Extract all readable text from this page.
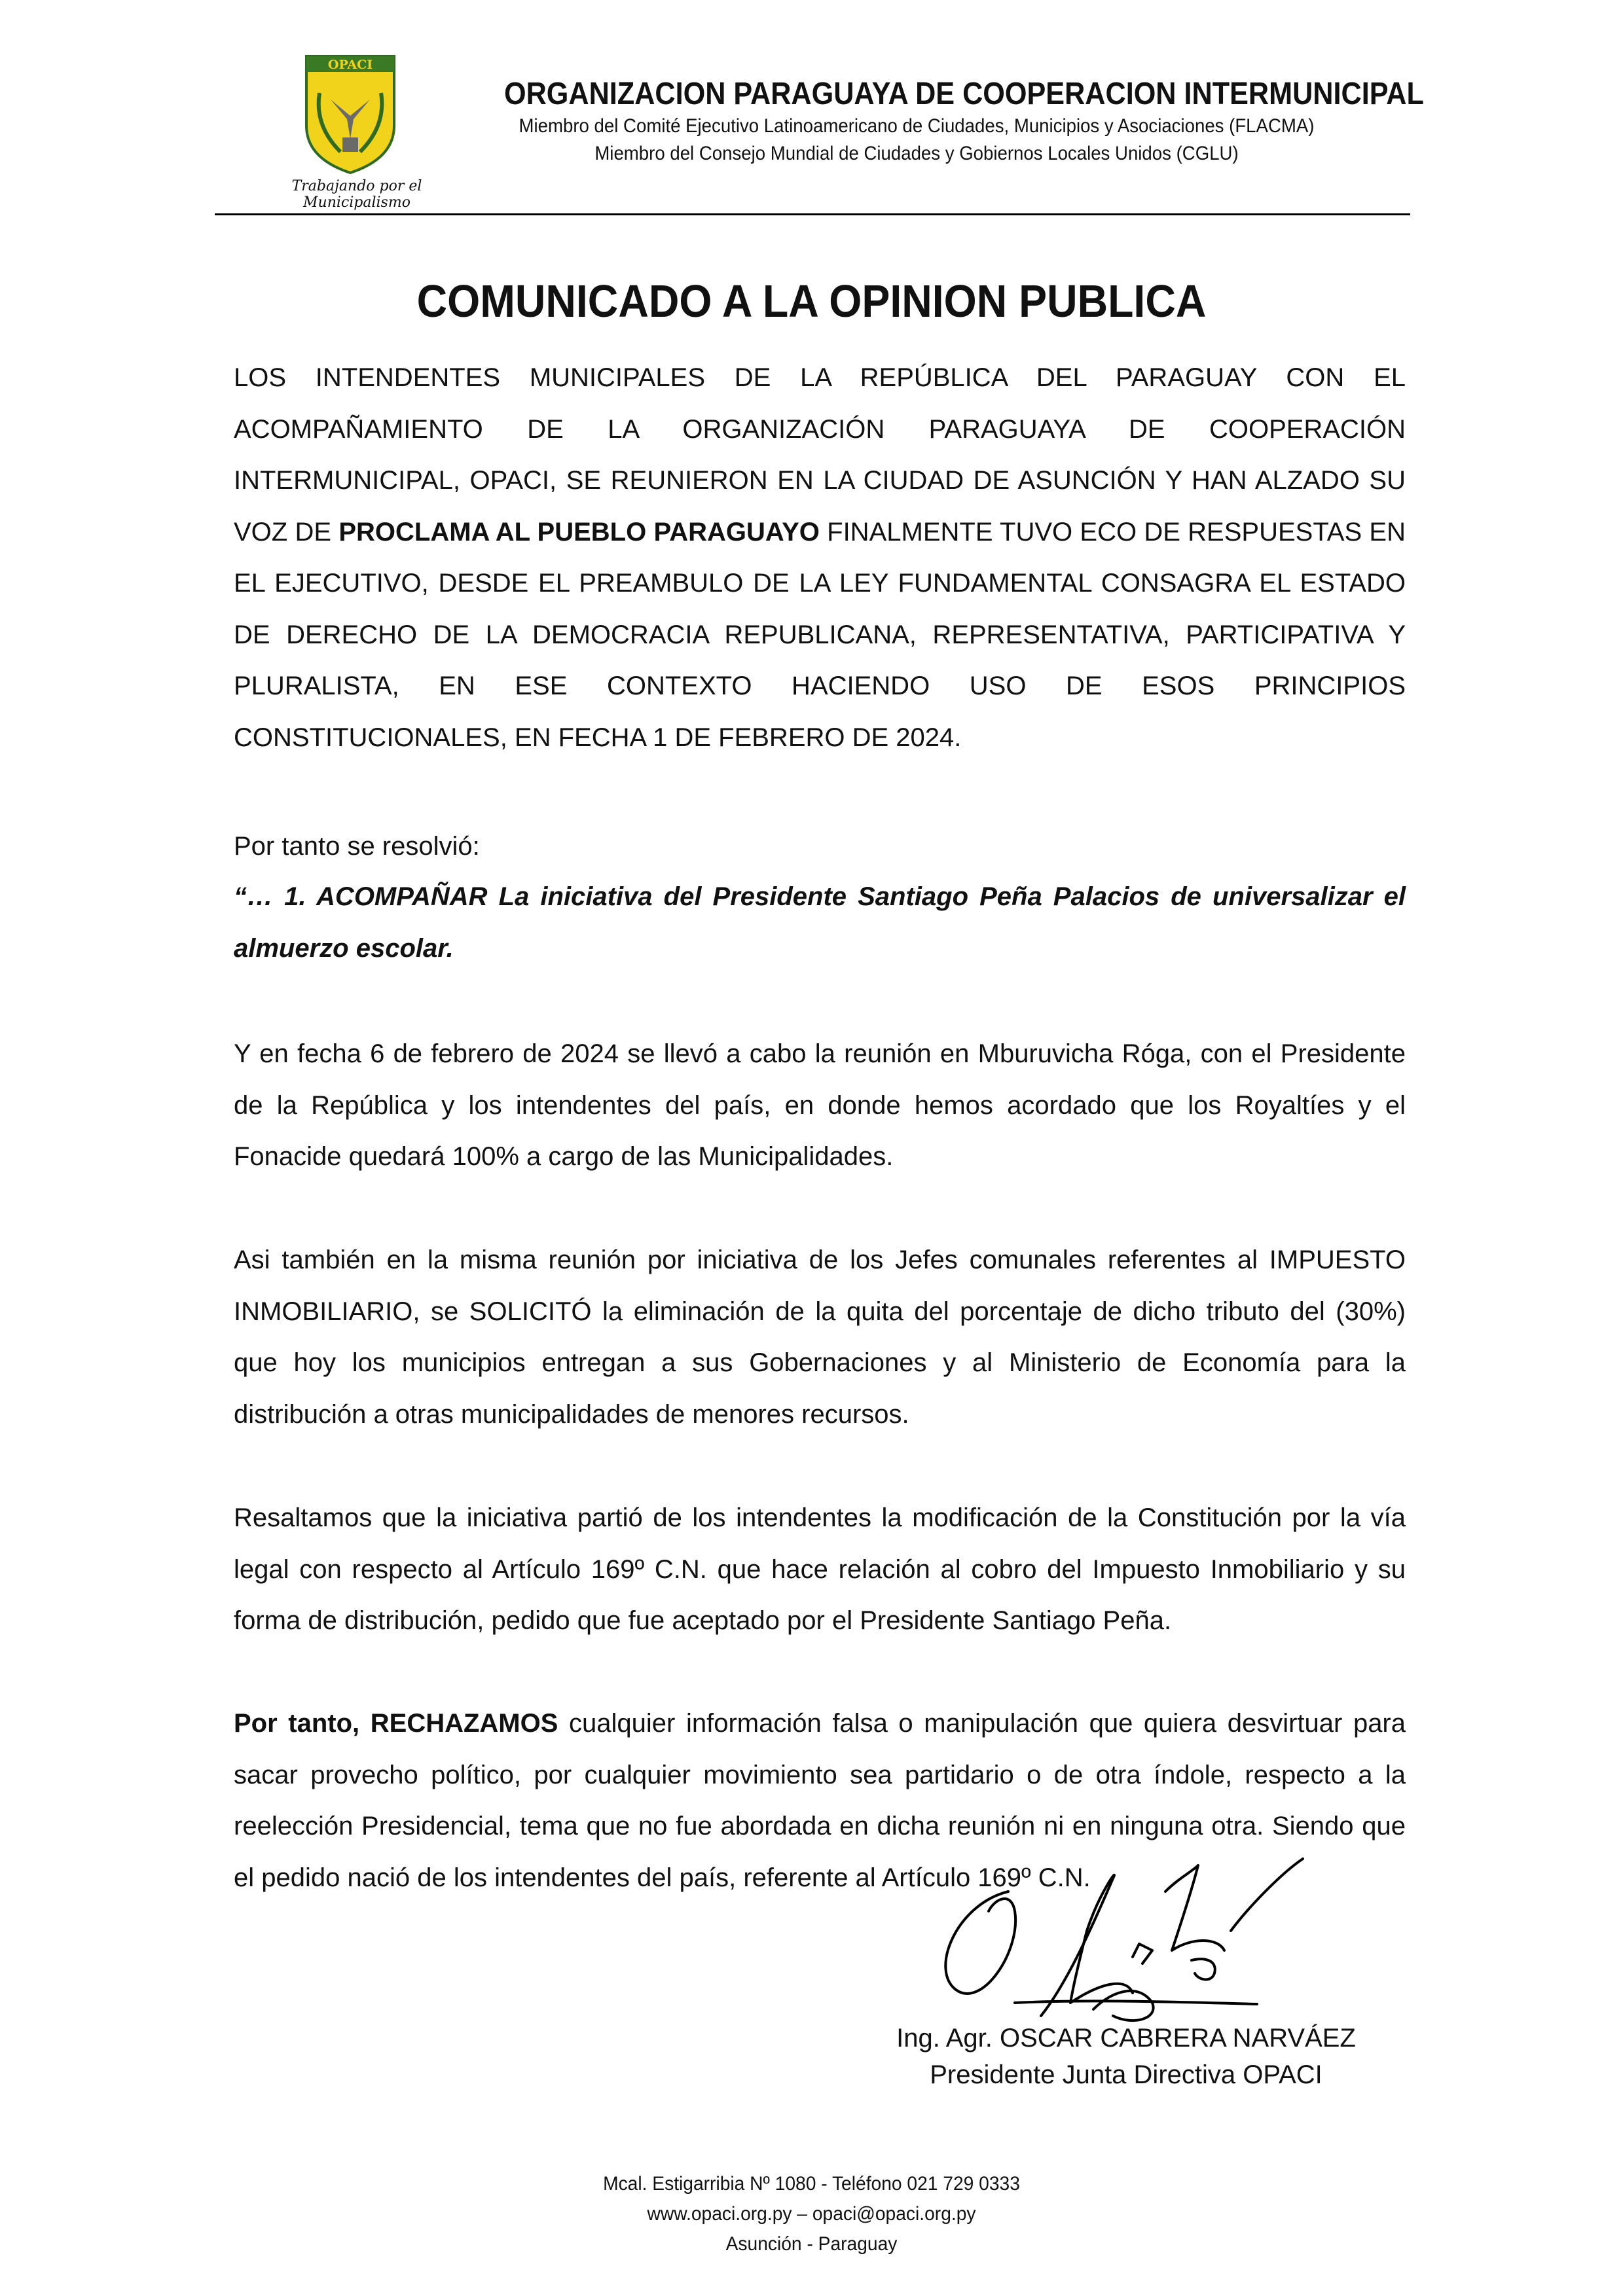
OPACI
Trabajando por el Municipalismo
ORGANIZACION PARAGUAYA DE COOPERACION INTERMUNICIPAL
Miembro del Comité Ejecutivo Latinoamericano de Ciudades, Municipios y Asociaciones (FLACMA)
Miembro del Consejo Mundial de Ciudades y Gobiernos Locales Unidos (CGLU)
COMUNICADO A LA OPINION PUBLICA
LOS INTENDENTES MUNICIPALES DE LA REPÚBLICA DEL PARAGUAY CON EL ACOMPAÑAMIENTO DE LA ORGANIZACIÓN PARAGUAYA DE COOPERACIÓN INTERMUNICIPAL, OPACI, SE REUNIERON EN LA CIUDAD DE ASUNCIÓN Y HAN ALZADO SU VOZ DE PROCLAMA AL PUEBLO PARAGUAYO FINALMENTE TUVO ECO DE RESPUESTAS EN EL EJECUTIVO, DESDE EL PREAMBULO DE LA LEY FUNDAMENTAL CONSAGRA EL ESTADO DE DERECHO DE LA DEMOCRACIA REPUBLICANA, REPRESENTATIVA, PARTICIPATIVA Y PLURALISTA, EN ESE CONTEXTO HACIENDO USO DE ESOS PRINCIPIOS CONSTITUCIONALES, EN FECHA 1 DE FEBRERO DE 2024.
Por tanto se resolvió:
“… 1. ACOMPAÑAR La iniciativa del Presidente Santiago Peña Palacios de universalizar el almuerzo escolar.
Y en fecha 6 de febrero de 2024 se llevó a cabo la reunión en Mburuvicha Róga, con el Presidente de la República y los intendentes del país, en donde hemos acordado que los Royaltíes y el Fonacide quedará 100% a cargo de las Municipalidades.
Asi también en la misma reunión por iniciativa de los Jefes comunales referentes al IMPUESTO INMOBILIARIO, se SOLICITÓ la eliminación de la quita del porcentaje de dicho tributo del (30%) que hoy los municipios entregan a sus Gobernaciones y al Ministerio de Economía para la distribución a otras municipalidades de menores recursos.
Resaltamos que la iniciativa partió de los intendentes la modificación de la Constitución por la vía legal con respecto al Artículo 169º C.N. que hace relación al cobro del Impuesto Inmobiliario y su forma de distribución, pedido que fue aceptado por el Presidente Santiago Peña.
Por tanto, RECHAZAMOS cualquier información falsa o manipulación que quiera desvirtuar para sacar provecho político, por cualquier movimiento sea partidario o de otra índole, respecto a la reelección Presidencial, tema que no fue abordada en dicha reunión ni en ninguna otra. Siendo que el pedido nació de los intendentes del país, referente al Artículo 169º C.N.
Ing. Agr. OSCAR CABRERA NARVÁEZ
Presidente Junta Directiva OPACI
Mcal. Estigarribia Nº 1080 - Teléfono 021 729 0333
www.opaci.org.py – opaci@opaci.org.py
Asunción - Paraguay
